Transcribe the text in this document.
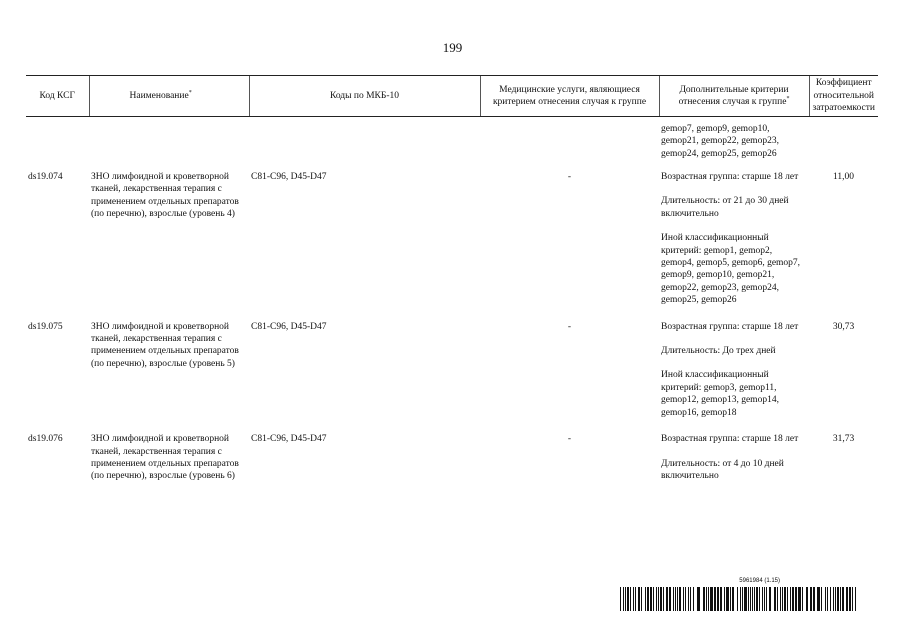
199
Код КСГ	Наименование*	Коды по МКБ-10	Медицинские услуги, являющиеся критерием отнесения случая к группе	Дополнительные критерии отнесения случая к группе*	Коэффициент относительной затратоемкости
				gemop7, gemop9, gemop10, gemop21, gemop22, gemop23, gemop24, gemop25, gemop26	
ds19.074	ЗНО лимфоидной и кроветворной тканей, лекарственная терапия с применением отдельных препаратов (по перечню), взрослые (уровень 4)	C81-C96, D45-D47	-	Возрастная группа: старше 18 лет

Длительность: от 21 до 30 дней включительно

Иной классификационный критерий: gemop1, gemop2, gemop4, gemop5, gemop6, gemop7, gemop9, gemop10, gemop21, gemop22, gemop23, gemop24, gemop25, gemop26	11,00
ds19.075	ЗНО лимфоидной и кроветворной тканей, лекарственная терапия с применением отдельных препаратов (по перечню), взрослые (уровень 5)	C81-C96, D45-D47	-	Возрастная группа: старше 18 лет

Длительность: До трех дней

Иной классификационный критерий: gemop3, gemop11, gemop12, gemop13, gemop14, gemop16, gemop18	30,73
ds19.076	ЗНО лимфоидной и кроветворной тканей, лекарственная терапия с применением отдельных препаратов (по перечню), взрослые (уровень 6)	C81-C96, D45-D47	-	Возрастная группа: старше 18 лет

Длительность: от 4 до 10 дней включительно	31,73
5961984 (1.15)
